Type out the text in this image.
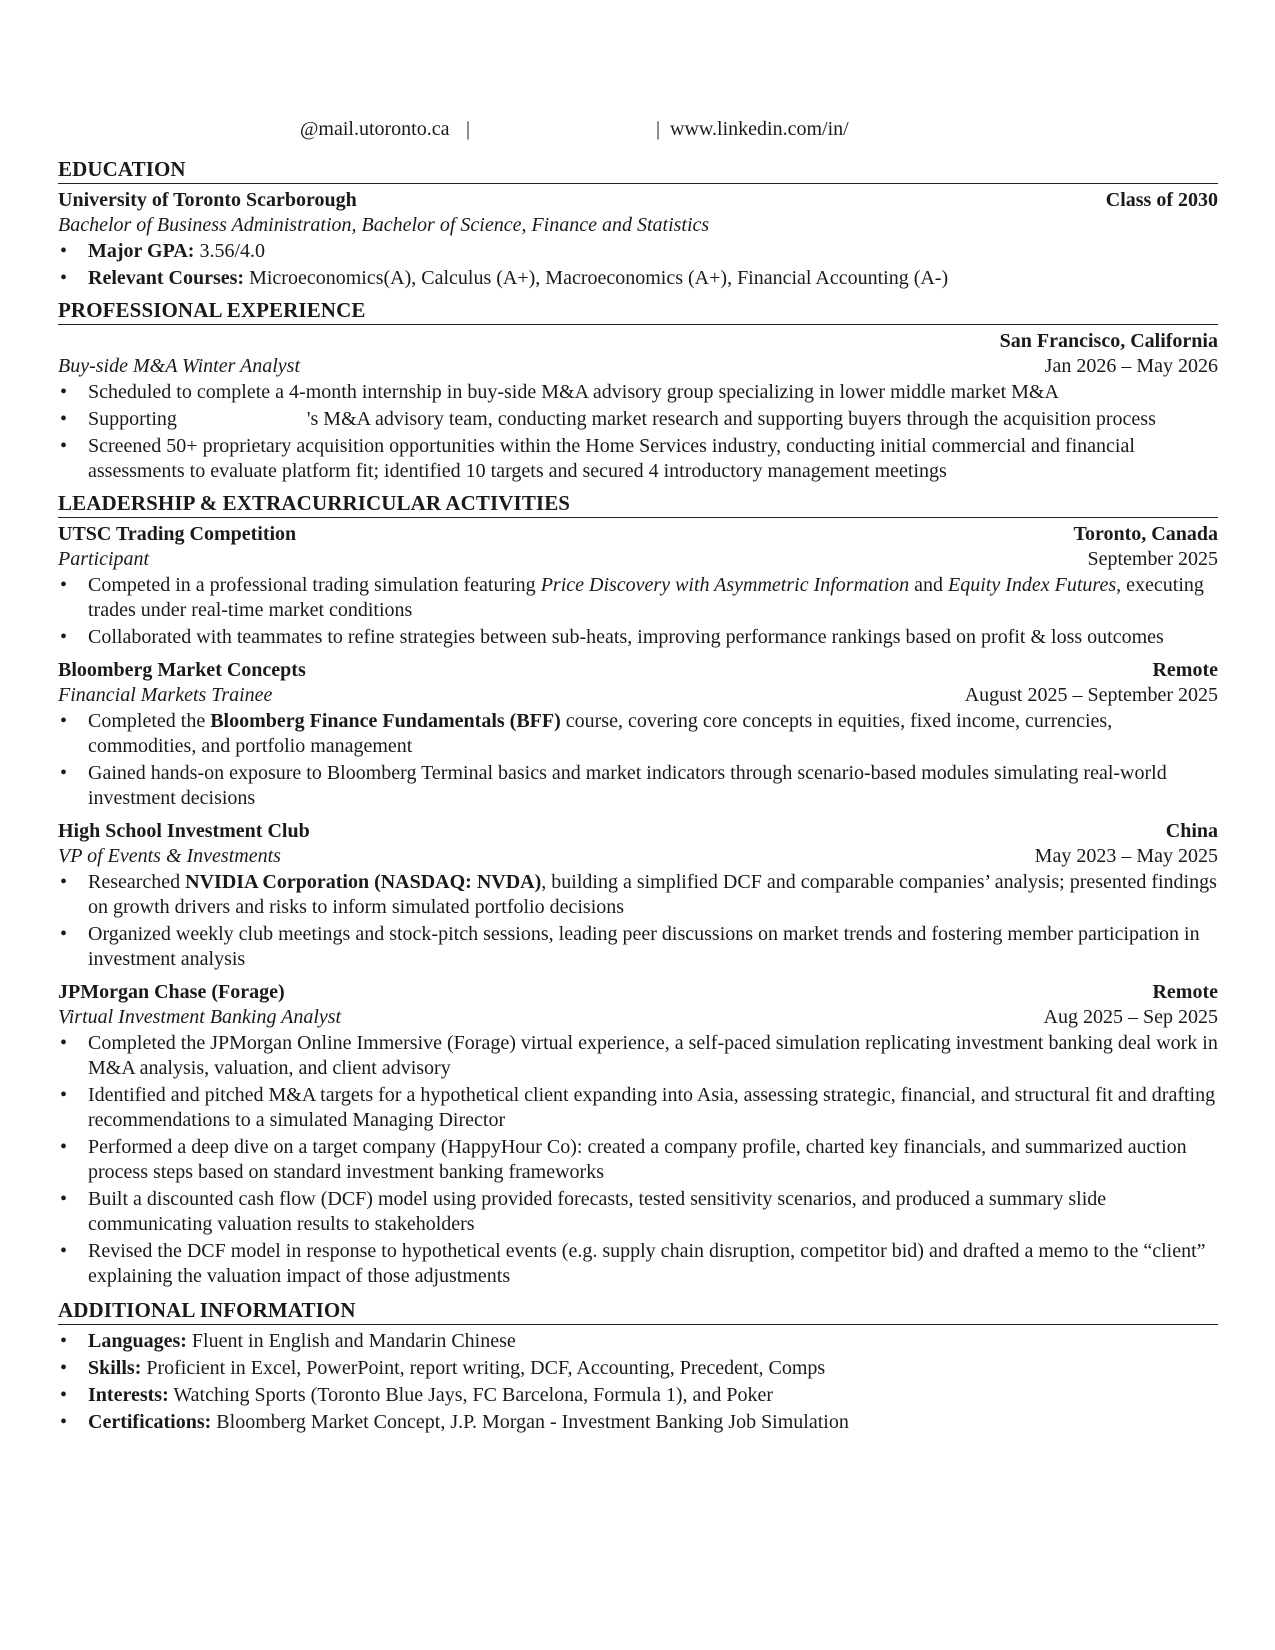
@mail.utoronto.ca |	| www.linkedin.com/in/
EDUCATION
University of Toronto Scarborough	Class of 2030
Bachelor of Business Administration, Bachelor of Science, Finance and Statistics
• Major GPA: 3.56/4.0
• Relevant Courses: Microeconomics(A), Calculus (A+), Macroeconomics (A+), Financial Accounting (A-)
PROFESSIONAL EXPERIENCE
San Francisco, California
Buy-side M&A Winter Analyst	Jan 2026 – May 2026
• Scheduled to complete a 4-month internship in buy-side M&A advisory group specializing in lower middle market M&A
• Supporting                          's M&A advisory team, conducting market research and supporting buyers through the acquisition process
• Screened 50+ proprietary acquisition opportunities within the Home Services industry, conducting initial commercial and financial assessments to evaluate platform fit; identified 10 targets and secured 4 introductory management meetings
LEADERSHIP & EXTRACURRICULAR ACTIVITIES
UTSC Trading Competition	Toronto, Canada
Participant	September 2025
• Competed in a professional trading simulation featuring Price Discovery with Asymmetric Information and Equity Index Futures, executing trades under real-time market conditions
• Collaborated with teammates to refine strategies between sub-heats, improving performance rankings based on profit & loss outcomes
Bloomberg Market Concepts	Remote
Financial Markets Trainee	August 2025 – September 2025
• Completed the Bloomberg Finance Fundamentals (BFF) course, covering core concepts in equities, fixed income, currencies, commodities, and portfolio management
• Gained hands-on exposure to Bloomberg Terminal basics and market indicators through scenario-based modules simulating real-world investment decisions
High School Investment Club	China
VP of Events & Investments	May 2023 – May 2025
• Researched NVIDIA Corporation (NASDAQ: NVDA), building a simplified DCF and comparable companies’ analysis; presented findings on growth drivers and risks to inform simulated portfolio decisions
• Organized weekly club meetings and stock-pitch sessions, leading peer discussions on market trends and fostering member participation in investment analysis
JPMorgan Chase (Forage)	Remote
Virtual Investment Banking Analyst	Aug 2025 – Sep 2025
• Completed the JPMorgan Online Immersive (Forage) virtual experience, a self-paced simulation replicating investment banking deal work in M&A analysis, valuation, and client advisory
• Identified and pitched M&A targets for a hypothetical client expanding into Asia, assessing strategic, financial, and structural fit and drafting recommendations to a simulated Managing Director
• Performed a deep dive on a target company (HappyHour Co): created a company profile, charted key financials, and summarized auction process steps based on standard investment banking frameworks
• Built a discounted cash flow (DCF) model using provided forecasts, tested sensitivity scenarios, and produced a summary slide communicating valuation results to stakeholders
• Revised the DCF model in response to hypothetical events (e.g. supply chain disruption, competitor bid) and drafted a memo to the “client” explaining the valuation impact of those adjustments
ADDITIONAL INFORMATION
• Languages: Fluent in English and Mandarin Chinese
• Skills: Proficient in Excel, PowerPoint, report writing, DCF, Accounting, Precedent, Comps
• Interests: Watching Sports (Toronto Blue Jays, FC Barcelona, Formula 1), and Poker
• Certifications: Bloomberg Market Concept, J.P. Morgan - Investment Banking Job Simulation
